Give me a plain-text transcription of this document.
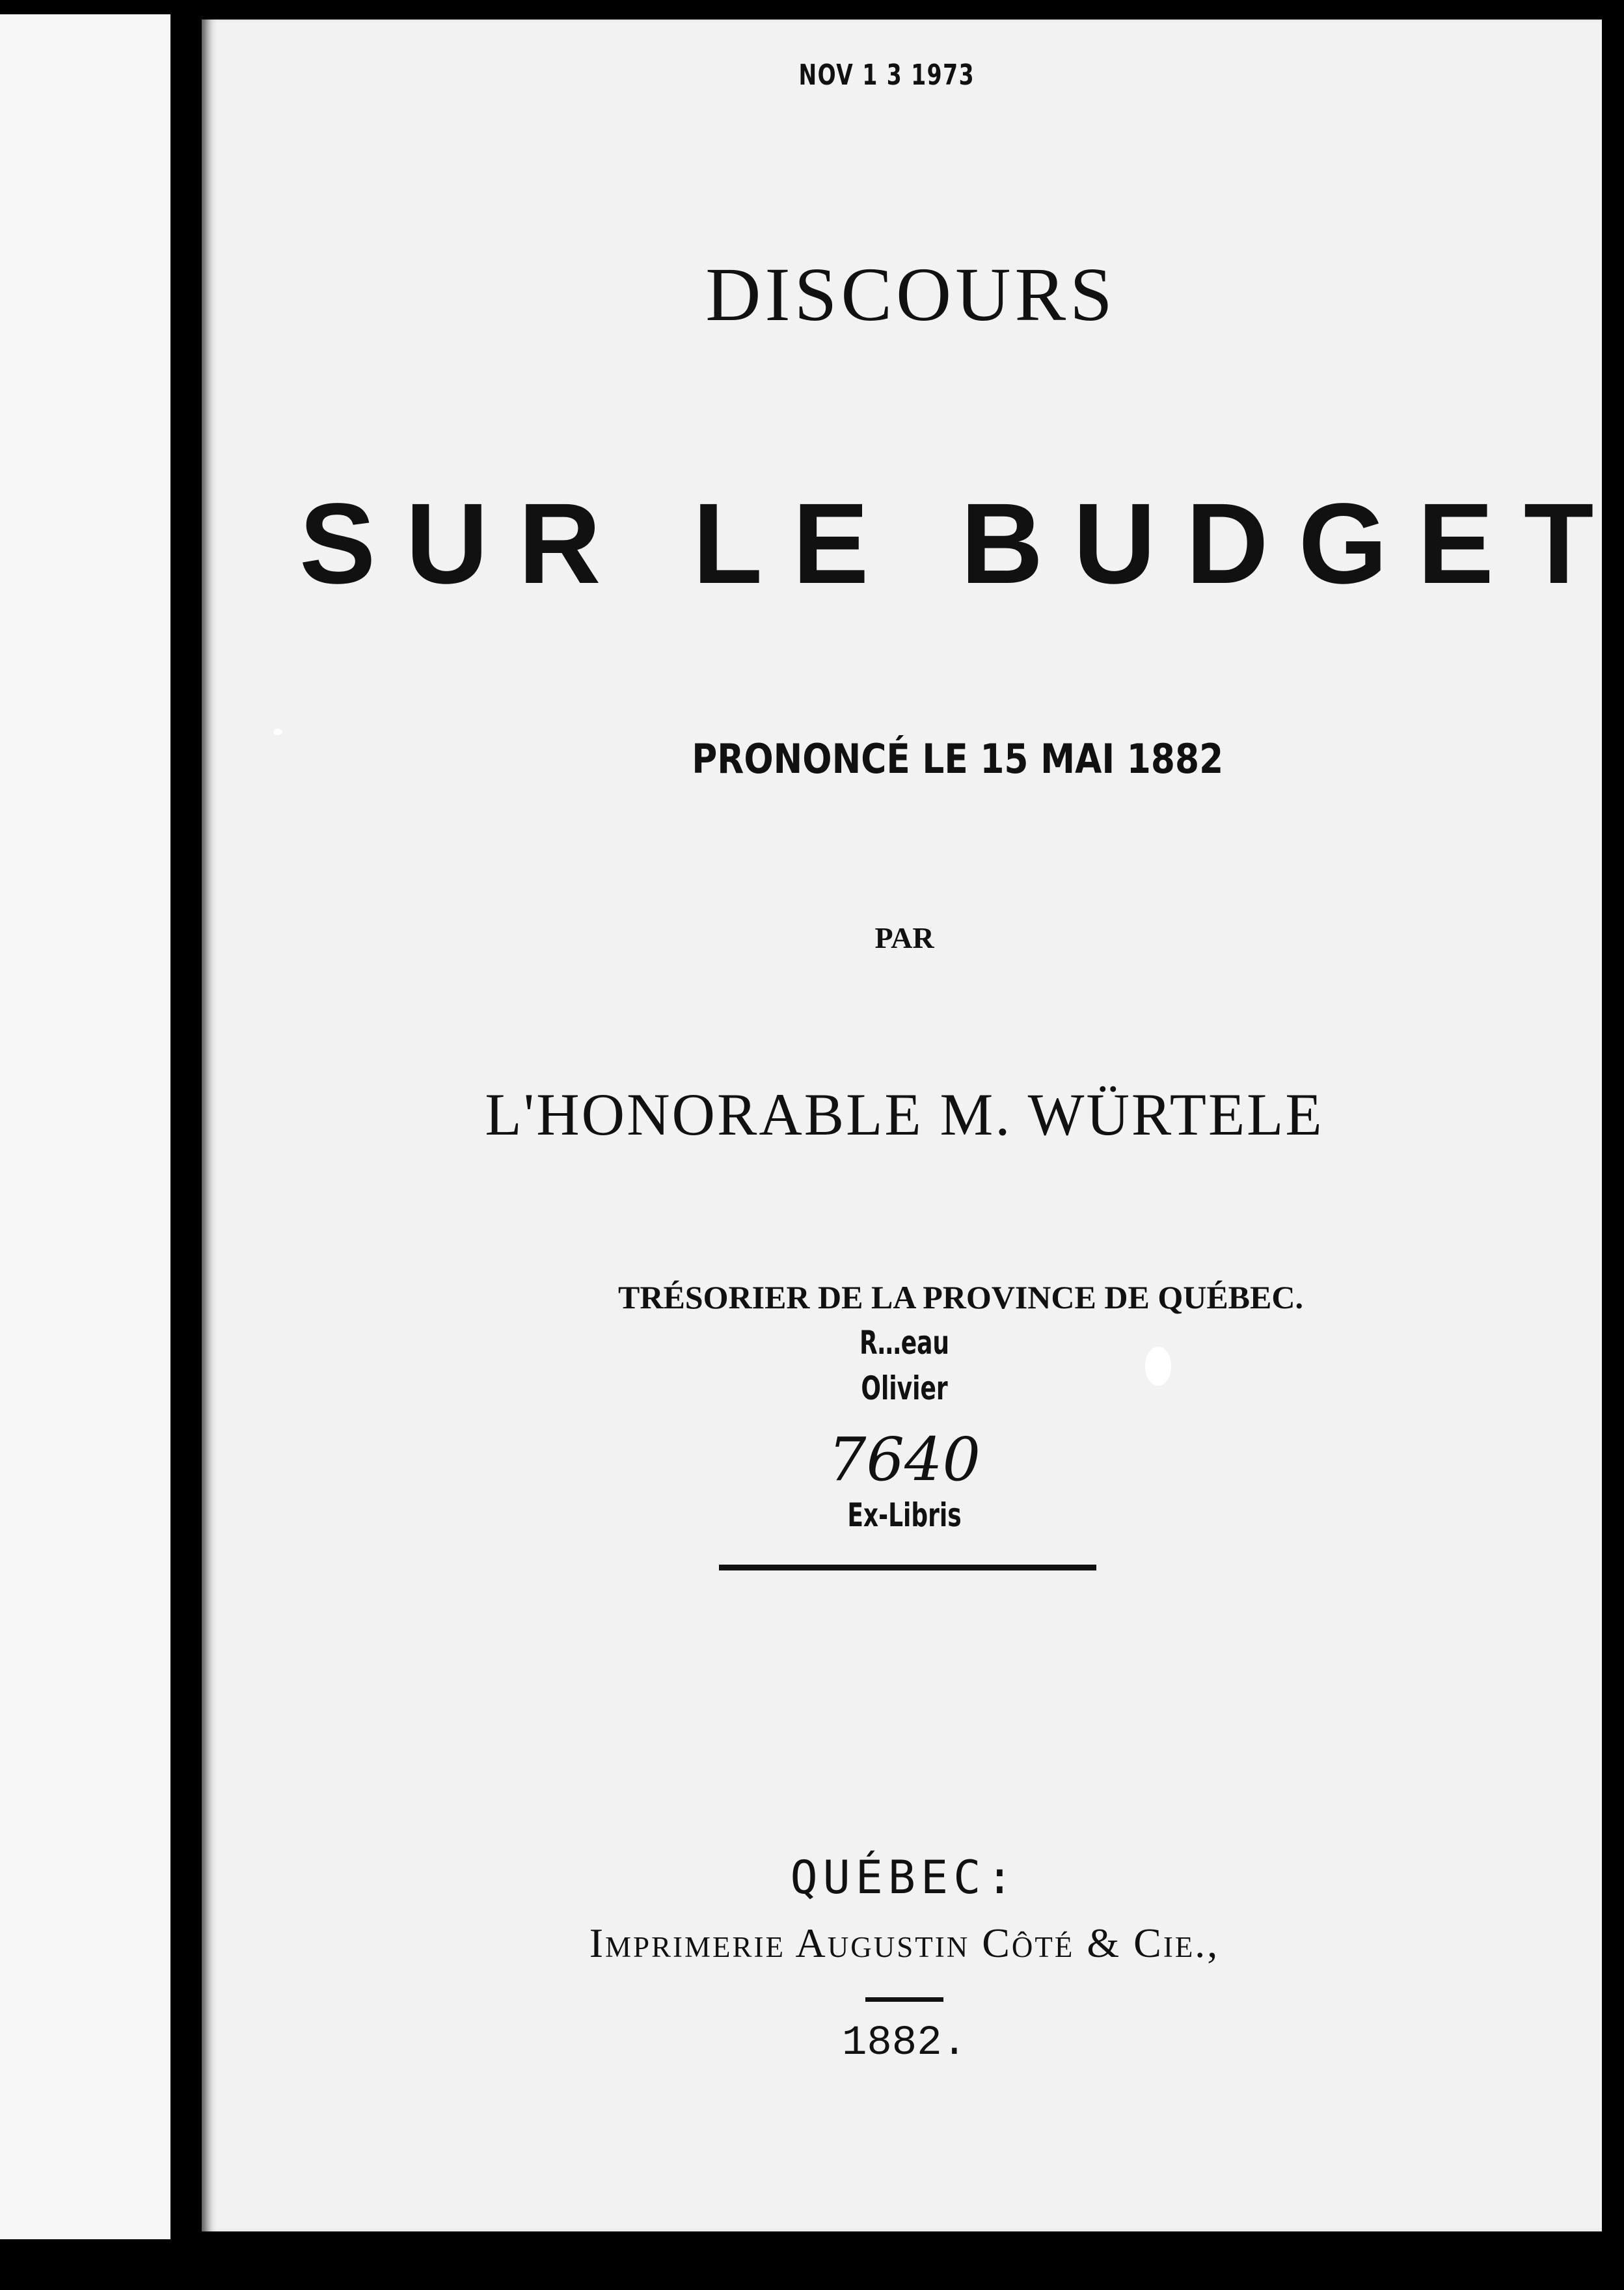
NOV 1 3 1973
DISCOURS
SUR LE BUDGET
PRONONCÉ LE 15 MAI 1882
PAR
L'HONORABLE M. WÜRTELE
TRÉSORIER DE LA PROVINCE DE QUÉBEC.
R…eau
Olivier
7640
Ex-Libris
QUÉBEC:
Imprimerie Augustin Côté & Cie.,
1882.
